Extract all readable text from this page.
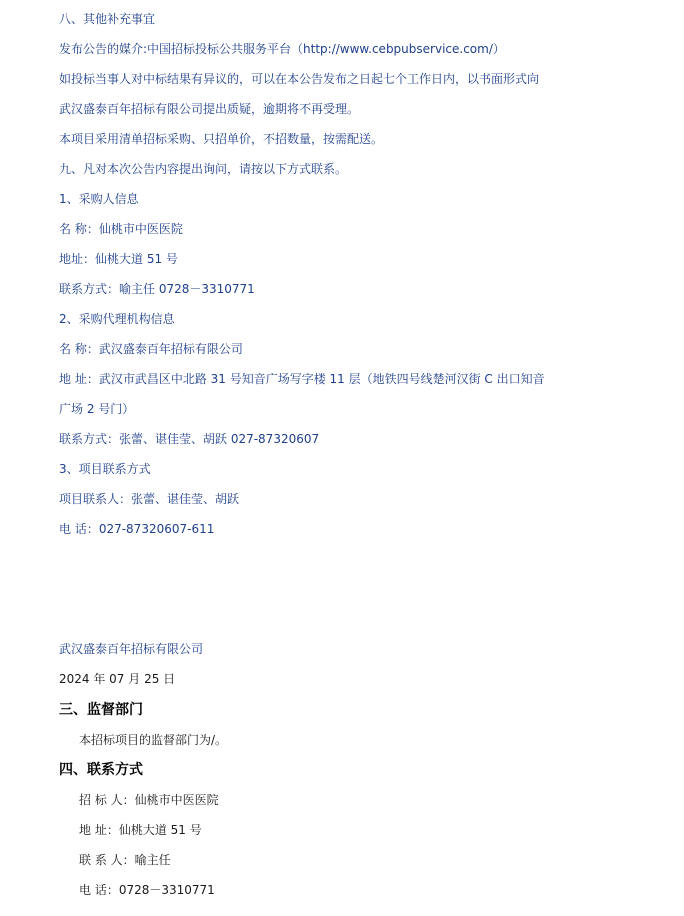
八、其他补充事宜
发布公告的媒介:中国招标投标公共服务平台（http://www.cebpubservice.com/）
如投标当事人对中标结果有异议的，可以在本公告发布之日起七个工作日内，以书面形式向
武汉盛泰百年招标有限公司提出质疑，逾期将不再受理。
本项目采用清单招标采购、只招单价，不招数量，按需配送。
九、凡对本次公告内容提出询问，请按以下方式联系。
1、采购人信息
名 称：仙桃市中医医院
地址：仙桃大道 51 号
联系方式：喻主任 0728－3310771
2、采购代理机构信息
名 称：武汉盛泰百年招标有限公司
地 址：武汉市武昌区中北路 31 号知音广场写字楼 11 层（地铁四号线楚河汉街 C 出口知音
广场 2 号门）
联系方式：张蕾、谌佳莹、胡跃 027-87320607
3、项目联系方式
项目联系人：张蕾、谌佳莹、胡跃
电 话：027-87320607-611
武汉盛泰百年招标有限公司
2024 年 07 月 25 日
三、监督部门
本招标项目的监督部门为/。
四、联系方式
招 标 人：仙桃市中医医院
地 址：仙桃大道 51 号
联 系 人：喻主任
电 话：0728－3310771
